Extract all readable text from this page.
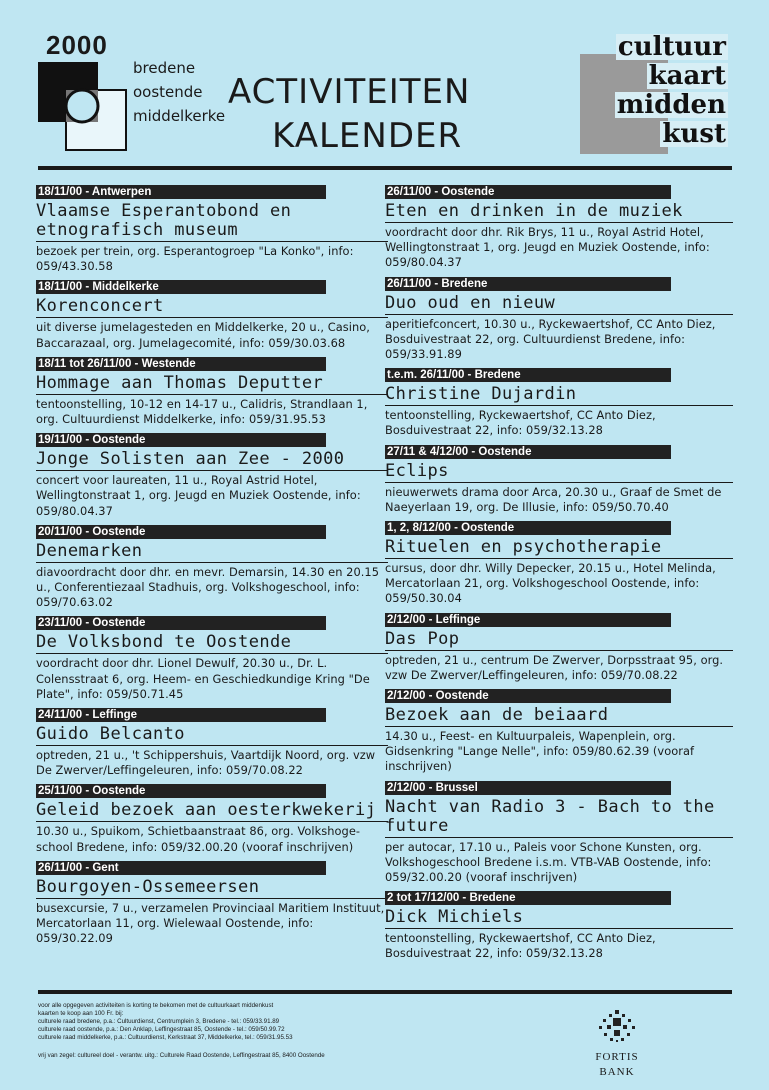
2000
bredene
oostende
middelkerke
ACTIVITEITEN
KALENDER
cultuur
kaart
midden
kust
18/11/00 - Antwerpen
Vlaamse Esperantobond en etnografisch museum
bezoek per trein, org. Esperantogroep "La Konko", info: 059/43.30.58
18/11/00 - Middelkerke
Korenconcert
uit diverse jumelagesteden en Middelkerke, 20 u., Casino, Baccarazaal, org. Jumelagecomité, info: 059/30.03.68
18/11 tot 26/11/00 - Westende
Hommage aan Thomas Deputter
tentoonstelling, 10-12 en 14-17 u., Calidris, Strandlaan 1, org. Cultuurdienst Middelkerke, info: 059/31.95.53
19/11/00 - Oostende
Jonge Solisten aan Zee - 2000
concert voor laureaten, 11 u., Royal Astrid Hotel, Wellingtonstraat 1, org. Jeugd en Muziek Oostende, info: 059/80.04.37
20/11/00 - Oostende
Denemarken
diavoordracht door dhr. en mevr. Demarsin, 14.30 en 20.15 u., Conferentiezaal Stadhuis, org. Volkshogeschool, info: 059/70.63.02
23/11/00 - Oostende
De Volksbond te Oostende
voordracht door dhr. Lionel Dewulf, 20.30 u., Dr. L. Colensstraat 6, org. Heem- en Geschiedkundige Kring "De Plate", info: 059/50.71.45
24/11/00 - Leffinge
Guido Belcanto
optreden, 21 u., 't Schippershuis, Vaartdijk Noord, org. vzw De Zwerver/Leffingeleuren, info: 059/70.08.22
25/11/00 - Oostende
Geleid bezoek aan oesterkwekerij
10.30 u., Spuikom, Schietbaanstraat 86, org. Volkshoge-school Bredene, info: 059/32.00.20 (vooraf inschrijven)
26/11/00 - Gent
Bourgoyen-Ossemeersen
busexcursie, 7 u., verzamelen Provinciaal Maritiem Instituut, Mercatorlaan 11, org. Wielewaal Oostende, info: 059/30.22.09
26/11/00 - Oostende
Eten en drinken in de muziek
voordracht door dhr. Rik Brys, 11 u., Royal Astrid Hotel, Wellingtonstraat 1, org. Jeugd en Muziek Oostende, info: 059/80.04.37
26/11/00 - Bredene
Duo oud en nieuw
aperitiefconcert, 10.30 u., Ryckewaertshof, CC Anto Diez, Bosduivestraat 22, org. Cultuurdienst Bredene, info: 059/33.91.89
t.e.m. 26/11/00 - Bredene
Christine Dujardin
tentoonstelling, Ryckewaertshof, CC Anto Diez, Bosduivestraat 22, info: 059/32.13.28
27/11 & 4/12/00 - Oostende
Eclips
nieuwerwets drama door Arca, 20.30 u., Graaf de Smet de Naeyerlaan 19, org. De Illusie, info: 059/50.70.40
1, 2, 8/12/00 - Oostende
Rituelen en psychotherapie
cursus, door dhr. Willy Depecker, 20.15 u., Hotel Melinda, Mercatorlaan 21, org. Volkshogeschool Oostende, info: 059/50.30.04
2/12/00 - Leffinge
Das Pop
optreden, 21 u., centrum De Zwerver, Dorpsstraat 95, org. vzw De Zwerver/Leffingeleuren, info: 059/70.08.22
2/12/00 - Oostende
Bezoek aan de beiaard
14.30 u., Feest- en Kultuurpaleis, Wapenplein, org. Gidsenkring "Lange Nelle", info: 059/80.62.39 (vooraf inschrijven)
2/12/00 - Brussel
Nacht van Radio 3 - Bach to the future
per autocar, 17.10 u., Paleis voor Schone Kunsten, org. Volkshogeschool Bredene i.s.m. VTB-VAB Oostende, info: 059/32.00.20 (vooraf inschrijven)
2 tot 17/12/00 - Bredene
Dick Michiels
tentoonstelling, Ryckewaertshof, CC Anto Diez, Bosduivestraat 22, info: 059/32.13.28
voor alle opgegeven activiteiten is korting te bekomen met de cultuurkaart middenkust
kaarten te koop aan 100 Fr. bij:
culturele raad bredene, p.a.: Cultuurdienst, Centrumplein 3, Bredene - tel.: 059/33.91.89
culturele raad oostende, p.a.: Den Anklap, Leffingestraat 85, Oostende - tel.: 059/50.99.72
culturele raad middelkerke, p.a.: Cultuurdienst, Kerkstraat 37, Middelkerke, tel.: 059/31.95.53
vrij van zegel: cultureel doel - verantw. uitg.: Culturele Raad Oostende, Leffingestraat 85, 8400 Oostende	FORTIS
BANK
